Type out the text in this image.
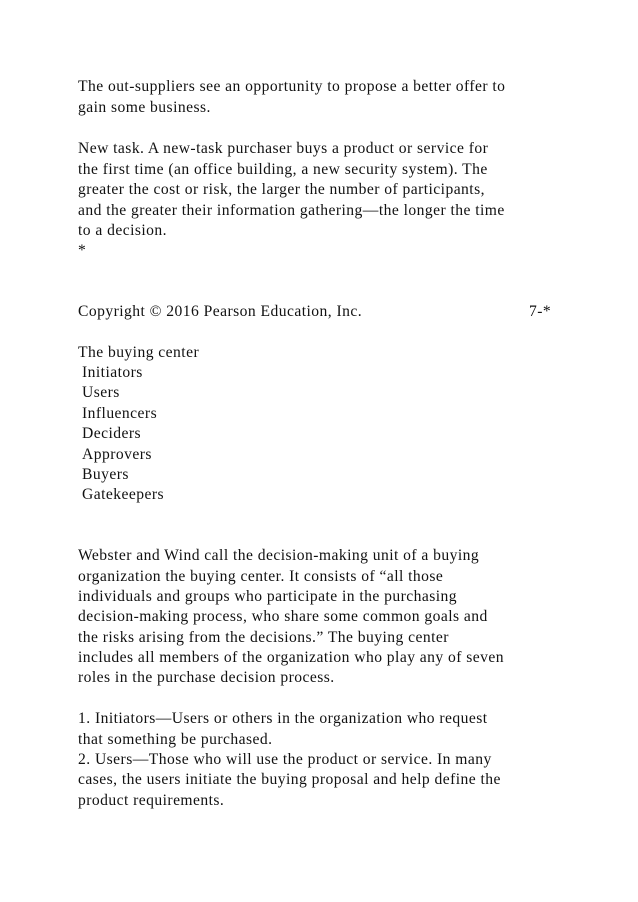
The out-suppliers see an opportunity to propose a better offer to
gain some business.
New task. A new-task purchaser buys a product or service for
the first time (an office building, a new security system). The
greater the cost or risk, the larger the number of participants,
and the greater their information gathering—the longer the time
to a decision.
*
Copyright © 2016 Pearson Education, Inc.	7-*
The buying center
Initiators
Users
Influencers
Deciders
Approvers
Buyers
Gatekeepers
Webster and Wind call the decision-making unit of a buying
organization the buying center. It consists of “all those
individuals and groups who participate in the purchasing
decision-making process, who share some common goals and
the risks arising from the decisions.” The buying center
includes all members of the organization who play any of seven
roles in the purchase decision process.
1. Initiators—Users or others in the organization who request
that something be purchased.
2. Users—Those who will use the product or service. In many
cases, the users initiate the buying proposal and help define the
product requirements.
